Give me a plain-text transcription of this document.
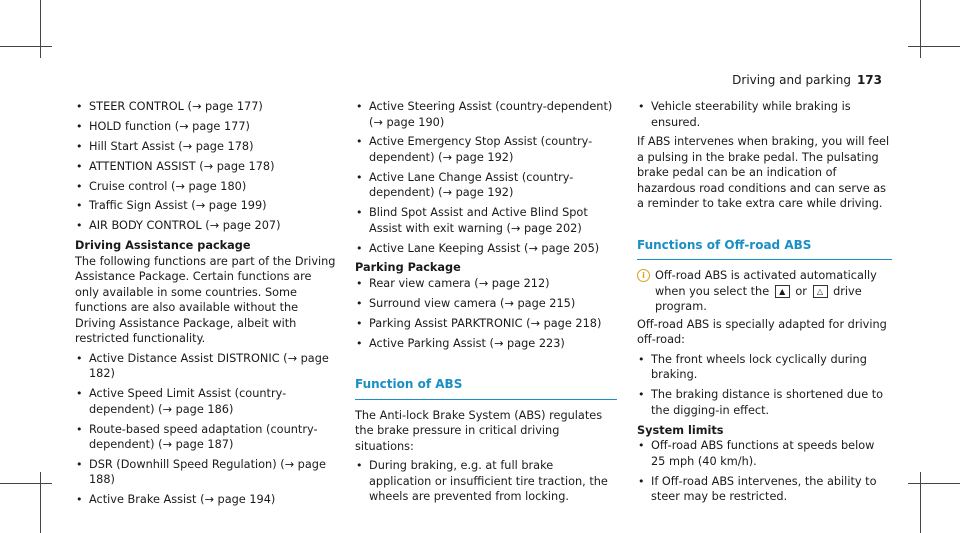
Driving and parking 173
• STEER CONTROL (→ page 177)
• HOLD function (→ page 177)
• Hill Start Assist (→ page 178)
• ATTENTION ASSIST (→ page 178)
• Cruise control (→ page 180)
• Traffic Sign Assist (→ page 199)
• AIR BODY CONTROL (→ page 207)
Driving Assistance package

The following functions are part of the Driving Assistance Package. Certain functions are only available in some countries. Some functions are also available without the Driving Assistance Package, albeit with restricted functionality.

• Active Distance Assist DISTRONIC (→ page 182)
• Active Speed Limit Assist (country-dependent) (→ page 186)
• Route-based speed adaptation (country-dependent) (→ page 187)
• DSR (Downhill Speed Regulation) (→ page 188)
• Active Brake Assist (→ page 194)
• Active Steering Assist (country-dependent) (→ page 190)
• Active Emergency Stop Assist (country-dependent) (→ page 192)
• Active Lane Change Assist (country-dependent) (→ page 192)
• Blind Spot Assist and Active Blind Spot Assist with exit warning (→ page 202)
• Active Lane Keeping Assist (→ page 205)
Parking Package
• Rear view camera (→ page 212)
• Surround view camera (→ page 215)
• Parking Assist PARKTRONIC (→ page 218)
• Active Parking Assist (→ page 223)
Function of ABS

The Anti-lock Brake System (ABS) regulates the brake pressure in critical driving situations:

• During braking, e.g. at full brake application or insufficient tire traction, the wheels are prevented from locking.
• Vehicle steerability while braking is ensured.

If ABS intervenes when braking, you will feel a pulsing in the brake pedal. The pulsating brake pedal can be an indication of hazardous road conditions and can serve as a reminder to take extra care while driving.

Functions of Off-road ABS
i Off-road ABS is activated automatically when you select the ▲ or △ drive program.

Off-road ABS is specially adapted for driving off-road:

• The front wheels lock cyclically during braking.
• The braking distance is shortened due to the digging-in effect.
System limits
• Off-road ABS functions at speeds below 25 mph (40 km/h).
• If Off-road ABS intervenes, the ability to steer may be restricted.
